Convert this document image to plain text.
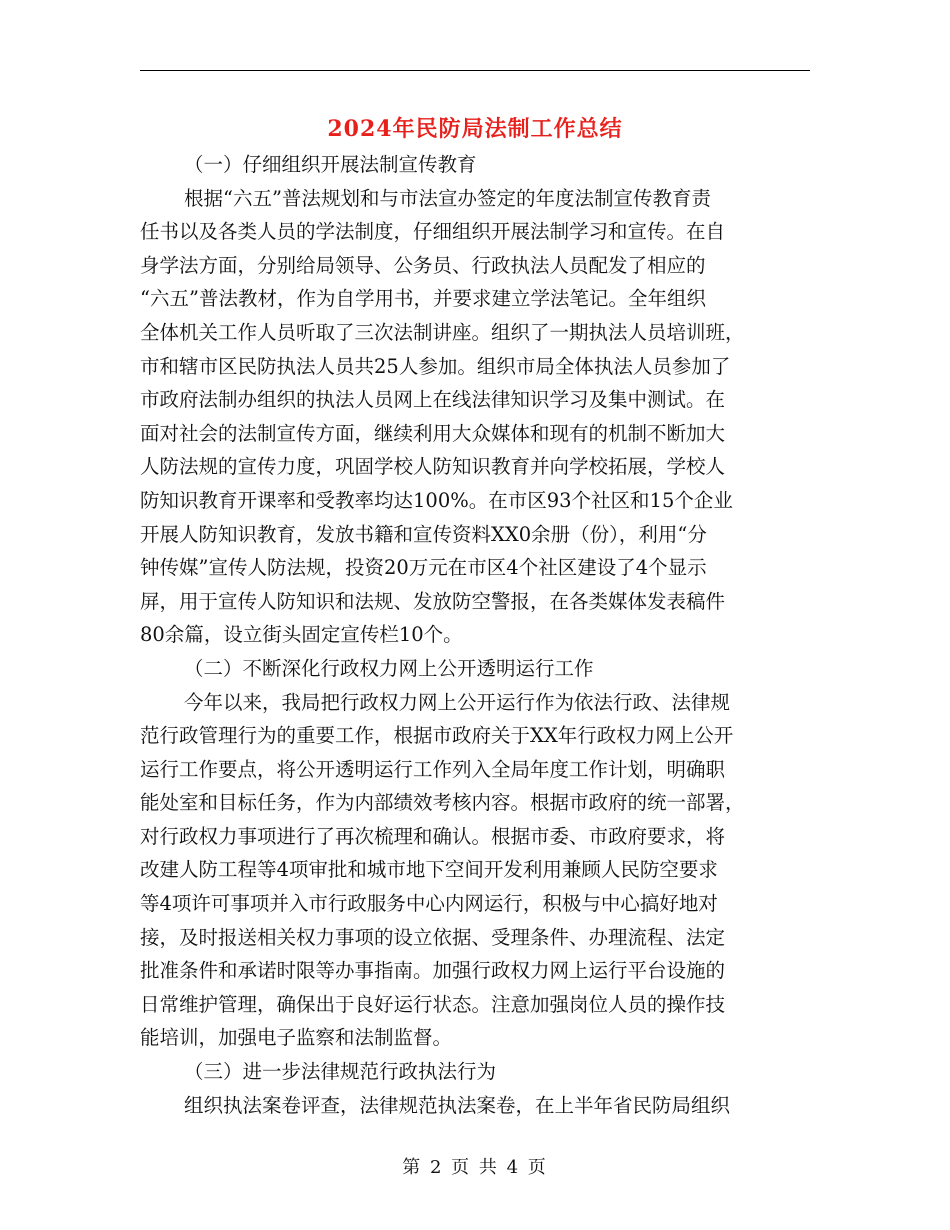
2024年民防局法制工作总结
（一）仔细组织开展法制宣传教育
根据“六五”普法规划和与市法宣办签定的年度法制宣传教育责
任书以及各类人员的学法制度，仔细组织开展法制学习和宣传。在自
身学法方面，分别给局领导、公务员、行政执法人员配发了相应的
“六五”普法教材，作为自学用书，并要求建立学法笔记。全年组织
全体机关工作人员听取了三次法制讲座。组织了一期执法人员培训班，
市和辖市区民防执法人员共25人参加。组织市局全体执法人员参加了
市政府法制办组织的执法人员网上在线法律知识学习及集中测试。在
面对社会的法制宣传方面，继续利用大众媒体和现有的机制不断加大
人防法规的宣传力度，巩固学校人防知识教育并向学校拓展，学校人
防知识教育开课率和受教率均达100%。在市区93个社区和15个企业
开展人防知识教育，发放书籍和宣传资料XX0余册（份），利用“分
钟传媒”宣传人防法规，投资20万元在市区4个社区建设了4个显示
屏，用于宣传人防知识和法规、发放防空警报，在各类媒体发表稿件
80余篇，设立街头固定宣传栏10个。
（二）不断深化行政权力网上公开透明运行工作
今年以来，我局把行政权力网上公开运行作为依法行政、法律规
范行政管理行为的重要工作，根据市政府关于XX年行政权力网上公开
运行工作要点，将公开透明运行工作列入全局年度工作计划，明确职
能处室和目标任务，作为内部绩效考核内容。根据市政府的统一部署，
对行政权力事项进行了再次梳理和确认。根据市委、市政府要求，将
改建人防工程等4项审批和城市地下空间开发利用兼顾人民防空要求
等4项许可事项并入市行政服务中心内网运行，积极与中心搞好地对
接，及时报送相关权力事项的设立依据、受理条件、办理流程、法定
批准条件和承诺时限等办事指南。加强行政权力网上运行平台设施的
日常维护管理，确保出于良好运行状态。注意加强岗位人员的操作技
能培训，加强电子监察和法制监督。
（三）进一步法律规范行政执法行为
组织执法案卷评查，法律规范执法案卷，在上半年省民防局组织
第 2 页 共 4 页
